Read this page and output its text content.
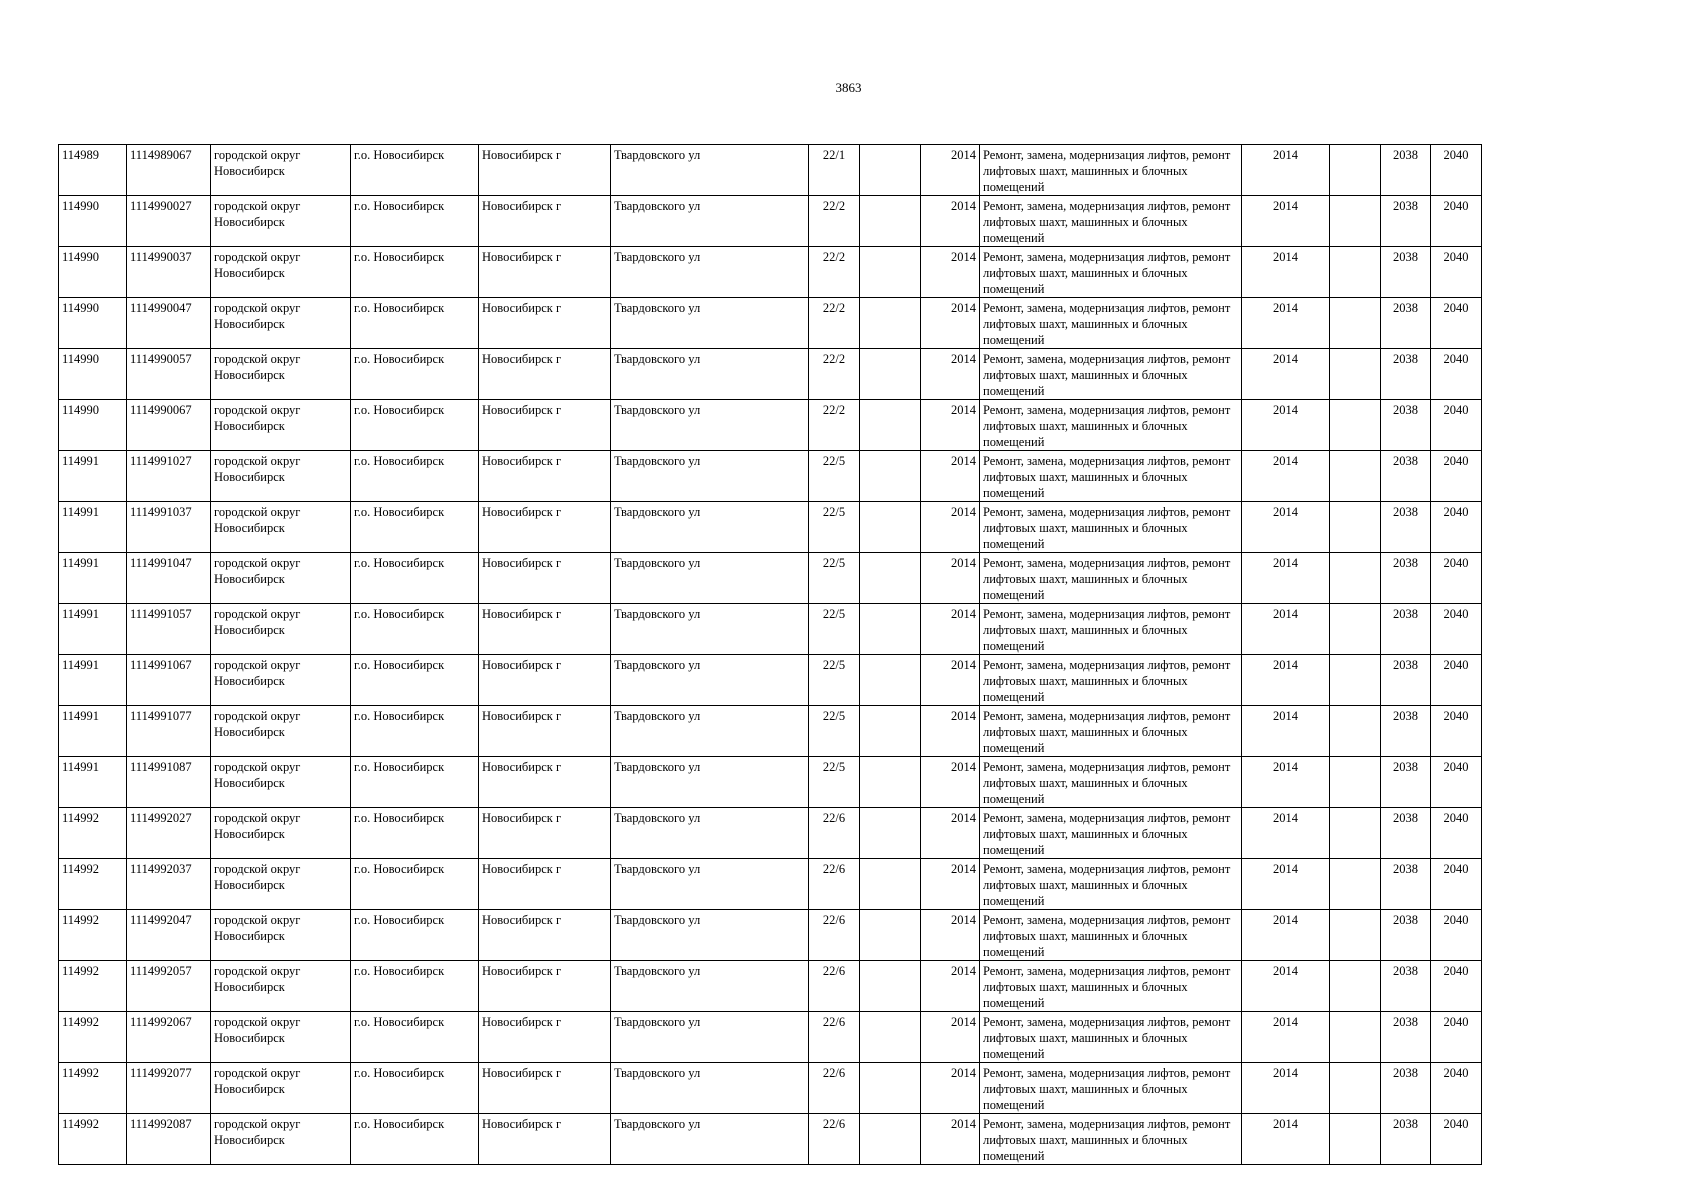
3863
114989	1114989067	городской округ Новосибирск	г.о. Новосибирск	Новосибирск г	Твардовского ул	22/1		2014	Ремонт, замена, модернизация лифтов, ремонт лифтовых шахт, машинных и блочных помещений	2014		2038	2040
114990	1114990027	городской округ Новосибирск	г.о. Новосибирск	Новосибирск г	Твардовского ул	22/2		2014	Ремонт, замена, модернизация лифтов, ремонт лифтовых шахт, машинных и блочных помещений	2014		2038	2040
114990	1114990037	городской округ Новосибирск	г.о. Новосибирск	Новосибирск г	Твардовского ул	22/2		2014	Ремонт, замена, модернизация лифтов, ремонт лифтовых шахт, машинных и блочных помещений	2014		2038	2040
114990	1114990047	городской округ Новосибирск	г.о. Новосибирск	Новосибирск г	Твардовского ул	22/2		2014	Ремонт, замена, модернизация лифтов, ремонт лифтовых шахт, машинных и блочных помещений	2014		2038	2040
114990	1114990057	городской округ Новосибирск	г.о. Новосибирск	Новосибирск г	Твардовского ул	22/2		2014	Ремонт, замена, модернизация лифтов, ремонт лифтовых шахт, машинных и блочных помещений	2014		2038	2040
114990	1114990067	городской округ Новосибирск	г.о. Новосибирск	Новосибирск г	Твардовского ул	22/2		2014	Ремонт, замена, модернизация лифтов, ремонт лифтовых шахт, машинных и блочных помещений	2014		2038	2040
114991	1114991027	городской округ Новосибирск	г.о. Новосибирск	Новосибирск г	Твардовского ул	22/5		2014	Ремонт, замена, модернизация лифтов, ремонт лифтовых шахт, машинных и блочных помещений	2014		2038	2040
114991	1114991037	городской округ Новосибирск	г.о. Новосибирск	Новосибирск г	Твардовского ул	22/5		2014	Ремонт, замена, модернизация лифтов, ремонт лифтовых шахт, машинных и блочных помещений	2014		2038	2040
114991	1114991047	городской округ Новосибирск	г.о. Новосибирск	Новосибирск г	Твардовского ул	22/5		2014	Ремонт, замена, модернизация лифтов, ремонт лифтовых шахт, машинных и блочных помещений	2014		2038	2040
114991	1114991057	городской округ Новосибирск	г.о. Новосибирск	Новосибирск г	Твардовского ул	22/5		2014	Ремонт, замена, модернизация лифтов, ремонт лифтовых шахт, машинных и блочных помещений	2014		2038	2040
114991	1114991067	городской округ Новосибирск	г.о. Новосибирск	Новосибирск г	Твардовского ул	22/5		2014	Ремонт, замена, модернизация лифтов, ремонт лифтовых шахт, машинных и блочных помещений	2014		2038	2040
114991	1114991077	городской округ Новосибирск	г.о. Новосибирск	Новосибирск г	Твардовского ул	22/5		2014	Ремонт, замена, модернизация лифтов, ремонт лифтовых шахт, машинных и блочных помещений	2014		2038	2040
114991	1114991087	городской округ Новосибирск	г.о. Новосибирск	Новосибирск г	Твардовского ул	22/5		2014	Ремонт, замена, модернизация лифтов, ремонт лифтовых шахт, машинных и блочных помещений	2014		2038	2040
114992	1114992027	городской округ Новосибирск	г.о. Новосибирск	Новосибирск г	Твардовского ул	22/6		2014	Ремонт, замена, модернизация лифтов, ремонт лифтовых шахт, машинных и блочных помещений	2014		2038	2040
114992	1114992037	городской округ Новосибирск	г.о. Новосибирск	Новосибирск г	Твардовского ул	22/6		2014	Ремонт, замена, модернизация лифтов, ремонт лифтовых шахт, машинных и блочных помещений	2014		2038	2040
114992	1114992047	городской округ Новосибирск	г.о. Новосибирск	Новосибирск г	Твардовского ул	22/6		2014	Ремонт, замена, модернизация лифтов, ремонт лифтовых шахт, машинных и блочных помещений	2014		2038	2040
114992	1114992057	городской округ Новосибирск	г.о. Новосибирск	Новосибирск г	Твардовского ул	22/6		2014	Ремонт, замена, модернизация лифтов, ремонт лифтовых шахт, машинных и блочных помещений	2014		2038	2040
114992	1114992067	городской округ Новосибирск	г.о. Новосибирск	Новосибирск г	Твардовского ул	22/6		2014	Ремонт, замена, модернизация лифтов, ремонт лифтовых шахт, машинных и блочных помещений	2014		2038	2040
114992	1114992077	городской округ Новосибирск	г.о. Новосибирск	Новосибирск г	Твардовского ул	22/6		2014	Ремонт, замена, модернизация лифтов, ремонт лифтовых шахт, машинных и блочных помещений	2014		2038	2040
114992	1114992087	городской округ Новосибирск	г.о. Новосибирск	Новосибирск г	Твардовского ул	22/6		2014	Ремонт, замена, модернизация лифтов, ремонт лифтовых шахт, машинных и блочных помещений	2014		2038	2040
